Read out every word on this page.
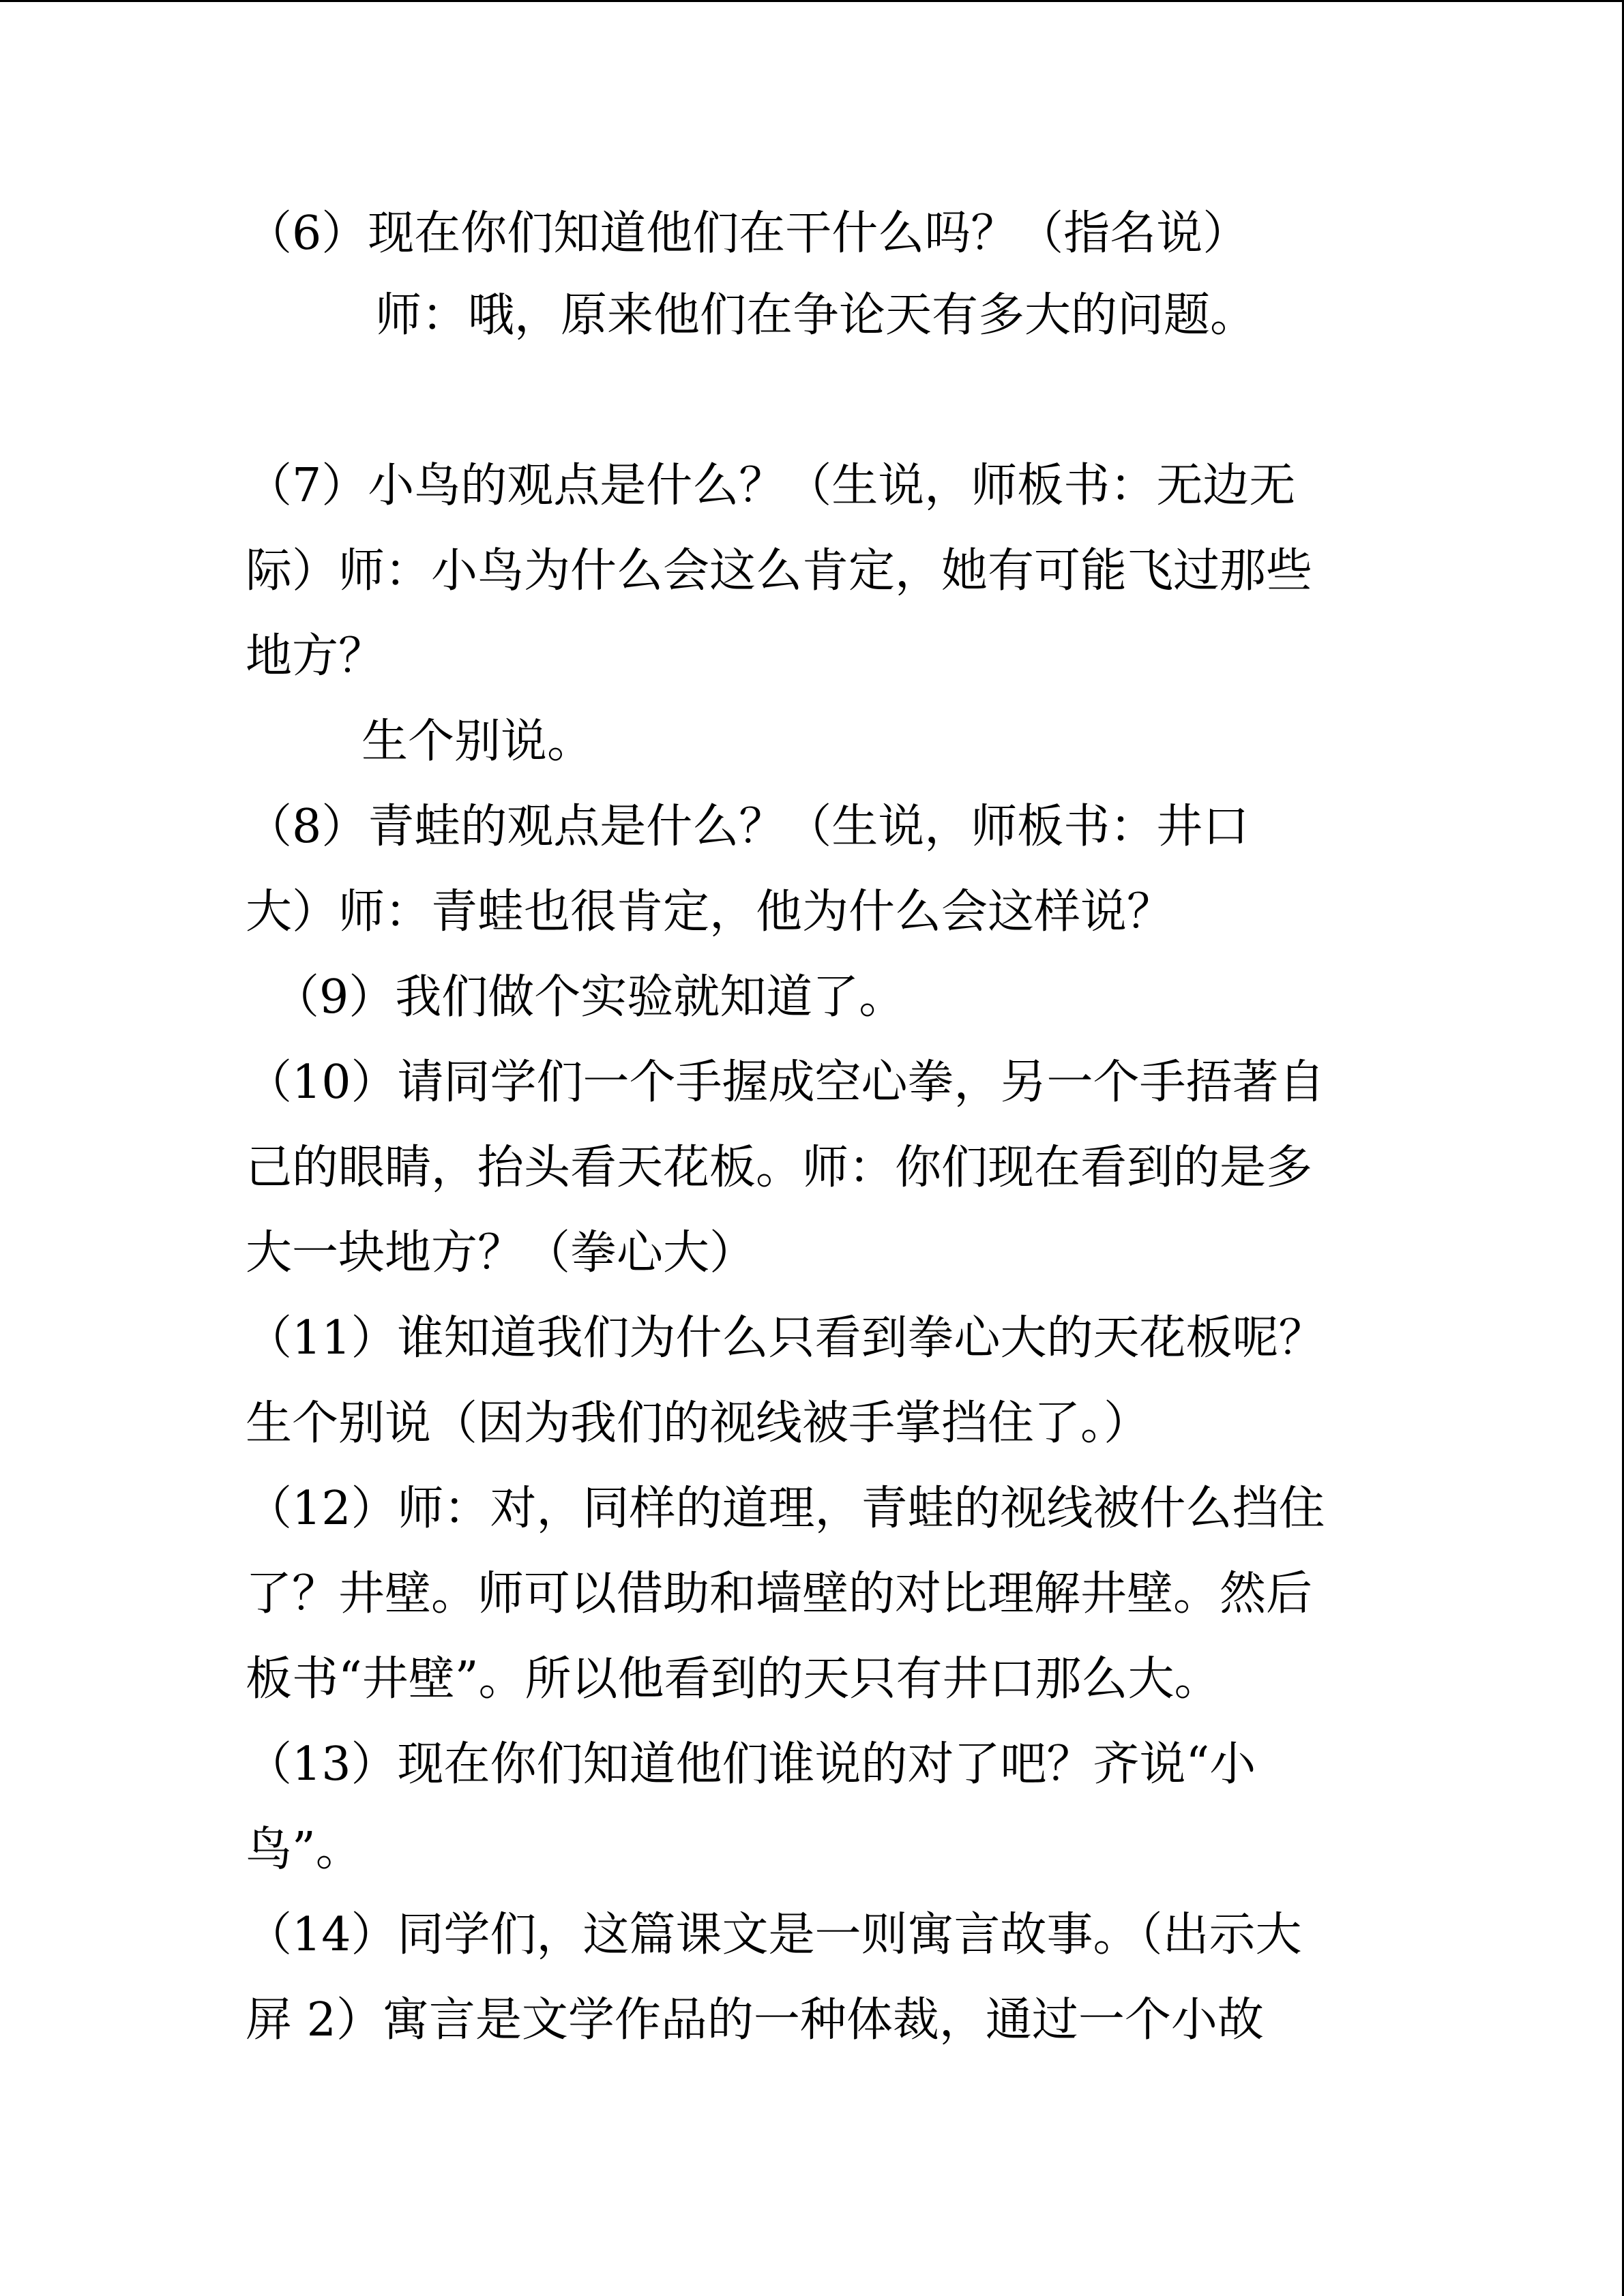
（6）现在你们知道他们在干什么吗？（指名说）
师：哦，原来他们在争论天有多大的问题。
（7）小鸟的观点是什么？（生说，师板书：无边无
际）师：小鸟为什么会这么肯定，她有可能飞过那些
地方？
生个别说。
（8）青蛙的观点是什么？（生说，师板书：井口
大）师：青蛙也很肯定，他为什么会这样说？
（9）我们做个实验就知道了。
（10）请同学们一个手握成空心拳，另一个手捂著自
己的眼睛，抬头看天花板。师：你们现在看到的是多
大一块地方？（拳心大）
（11）谁知道我们为什么只看到拳心大的天花板呢？
生个别说（因为我们的视线被手掌挡住了。）
（12）师：对，同样的道理，青蛙的视线被什么挡住
了？井壁。师可以借助和墙壁的对比理解井壁。然后
板书“井壁”。所以他看到的天只有井口那么大。
（13）现在你们知道他们谁说的对了吧？齐说“小
鸟”。
（14）同学们，这篇课文是一则寓言故事。（出示大
屏 2）寓言是文学作品的一种体裁，通过一个小故
